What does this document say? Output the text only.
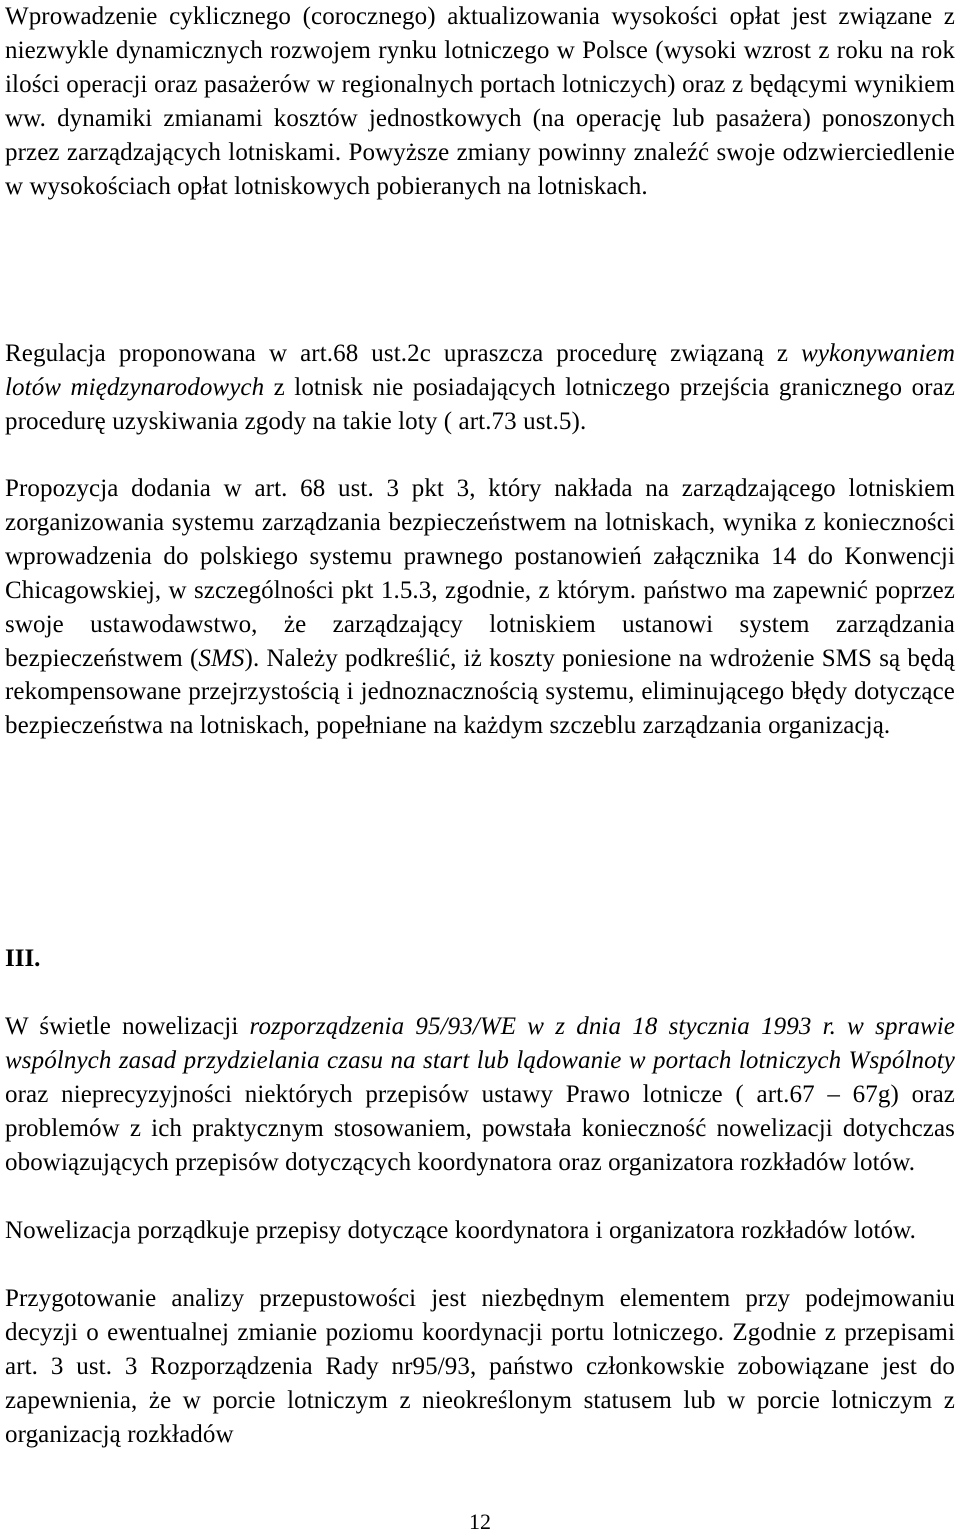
Wprowadzenie cyklicznego (corocznego) aktualizowania wysokości opłat jest związane z niezwykle dynamicznych rozwojem rynku lotniczego w Polsce (wysoki wzrost z roku na rok ilości operacji oraz pasażerów w regionalnych portach lotniczych) oraz z będącymi wynikiem ww. dynamiki zmianami kosztów jednostkowych (na operację lub pasażera) ponoszonych przez zarządzających lotniskami. Powyższe zmiany powinny znaleźć swoje odzwierciedlenie w wysokościach opłat lotniskowych pobieranych na lotniskach.

Regulacja proponowana w art.68 ust.2c upraszcza procedurę związaną z wykonywaniem lotów międzynarodowych z lotnisk nie posiadających lotniczego przejścia granicznego oraz procedurę uzyskiwania zgody na takie loty ( art.73 ust.5).

Propozycja dodania w art. 68 ust. 3 pkt 3, który nakłada na zarządzającego lotniskiem zorganizowania systemu zarządzania bezpieczeństwem na lotniskach, wynika z konieczności wprowadzenia do polskiego systemu prawnego postanowień załącznika 14 do Konwencji Chicagowskiej, w szczególności pkt 1.5.3, zgodnie, z którym. państwo ma zapewnić poprzez swoje ustawodawstwo, że zarządzający lotniskiem ustanowi system zarządzania bezpieczeństwem (SMS). Należy podkreślić, iż koszty poniesione na wdrożenie SMS są będą rekompensowane przejrzystością i jednoznacznością systemu, eliminującego błędy dotyczące bezpieczeństwa na lotniskach, popełniane na każdym szczeblu zarządzania organizacją.

III.

W świetle nowelizacji rozporządzenia 95/93/WE w z dnia 18 stycznia 1993 r. w sprawie wspólnych zasad przydzielania czasu na start lub lądowanie w portach lotniczych Wspólnoty oraz nieprecyzyjności niektórych przepisów ustawy Prawo lotnicze ( art.67 – 67g) oraz problemów z ich praktycznym stosowaniem, powstała konieczność nowelizacji dotychczas obowiązujących przepisów dotyczących koordynatora oraz organizatora rozkładów lotów.

Nowelizacja porządkuje przepisy dotyczące koordynatora i organizatora rozkładów lotów.

Przygotowanie analizy przepustowości jest niezbędnym elementem przy podejmowaniu decyzji o ewentualnej zmianie poziomu koordynacji portu lotniczego. Zgodnie z przepisami art. 3 ust. 3 Rozporządzenia Rady nr95/93, państwo członkowskie zobowiązane jest do zapewnienia, że w porcie lotniczym z nieokreślonym statusem lub w porcie lotniczym z organizacją rozkładów

12
